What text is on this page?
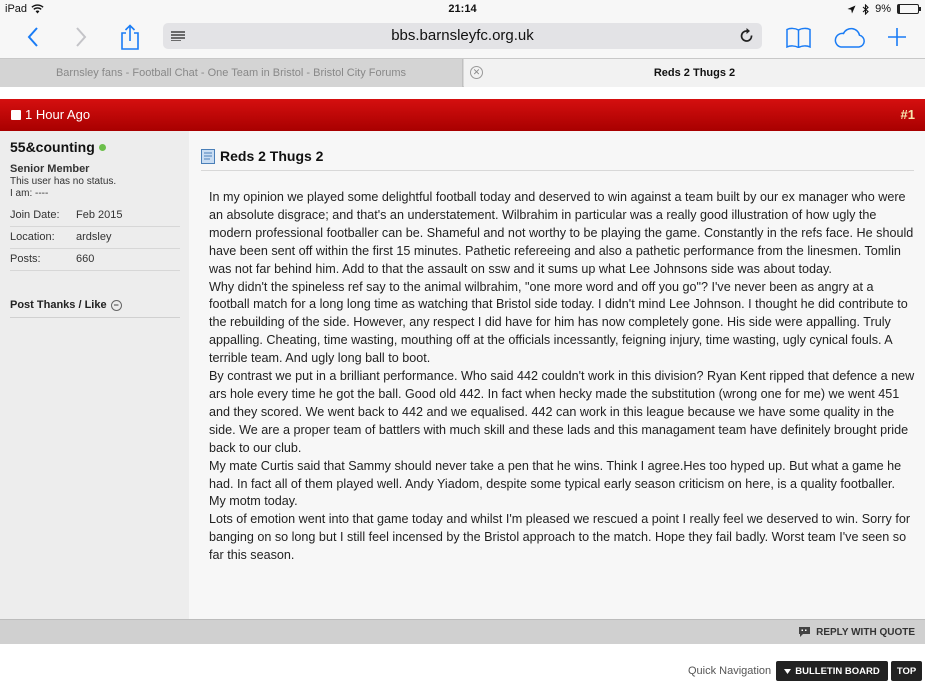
iPad	21:14	9%
bbs.barnsleyfc.org.uk
Barnsley fans - Football Chat - One Team in Bristol - Bristol City Forums	✕	Reds 2 Thugs 2
1 Hour Ago	#1
55&counting
Senior Member
This user has no status.
I am: ----
Join Date: Feb 2015
Location: ardsley
Posts:	660
Post Thanks / Like −
Reds 2 Thugs 2

In my opinion we played some delightful football today and deserved to win against a team built by our ex manager who were an absolute disgrace; and that's an understatement. Wilbrahim in particular was a really good illustration of how ugly the modern professional footballer can be. Shameful and not worthy to be playing the game. Constantly in the refs face. He should have been sent off within the first 15 minutes. Pathetic refereeing and also a pathetic performance from the linesmen. Tomlin was not far behind him. Add to that the assault on ssw and it sums up what Lee Johnsons side was about today.

Why didn't the spineless ref say to the animal wilbrahim, "one more word and off you go"? I've never been as angry at a football match for a long long time as watching that Bristol side today. I didn't mind Lee Johnson. I thought he did contribute to the rebuilding of the side. However, any respect I did have for him has now completely gone. His side were appalling. Truly appalling. Cheating, time wasting, mouthing off at the officials incessantly, feigning injury, time wasting, ugly cynical fouls. A terrible team. And ugly long ball to boot.

By contrast we put in a brilliant performance. Who said 442 couldn't work in this division? Ryan Kent ripped that defence a new ars hole every time he got the ball. Good old 442. In fact when hecky made the substitution (wrong one for me) we went 451 and they scored. We went back to 442 and we equalised. 442 can work in this league because we have some quality in the side. We are a proper team of battlers with much skill and these lads and this managament team have definitely brought pride back to our club.

My mate Curtis said that Sammy should never take a pen that he wins. Think I agree.Hes too hyped up. But what a game he had. In fact all of them played well. Andy Yiadom, despite some typical early season criticism on here, is a quality footballer. My motm today.

Lots of emotion went into that game today and whilst I'm pleased we rescued a point I really feel we deserved to win. Sorry for banging on so long but I still feel incensed by the Bristol approach to the match. Hope they fail badly. Worst team I've seen so far this season.

REPLY WITH QUOTE
Quick Navigation	BULLETIN BOARD	TOP
